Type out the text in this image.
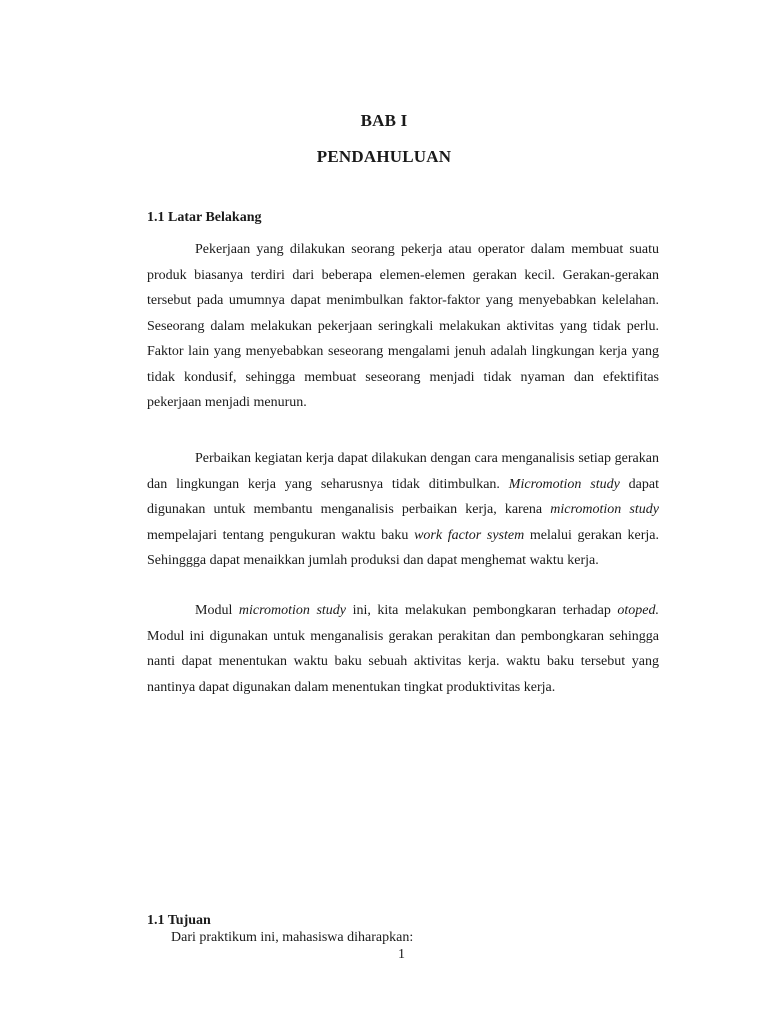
BAB I
PENDAHULUAN
1.1 Latar Belakang

Pekerjaan yang dilakukan seorang pekerja atau operator dalam membuat suatu produk biasanya terdiri dari beberapa elemen-elemen gerakan kecil. Gerakan-gerakan tersebut pada umumnya dapat menimbulkan faktor-faktor yang menyebabkan kelelahan. Seseorang dalam melakukan pekerjaan seringkali melakukan aktivitas yang tidak perlu. Faktor lain yang menyebabkan seseorang mengalami jenuh adalah lingkungan kerja yang tidak kondusif, sehingga membuat seseorang menjadi tidak nyaman dan efektifitas pekerjaan menjadi menurun.

Perbaikan kegiatan kerja dapat dilakukan dengan cara menganalisis setiap gerakan dan lingkungan kerja yang seharusnya tidak ditimbulkan. Micromotion study dapat digunakan untuk membantu menganalisis perbaikan kerja, karena micromotion study mempelajari tentang pengukuran waktu baku work factor system melalui gerakan kerja. Sehinggga dapat menaikkan jumlah produksi dan dapat menghemat waktu kerja.

Modul micromotion study ini, kita melakukan pembongkaran terhadap otoped. Modul ini digunakan untuk menganalisis gerakan perakitan dan pembongkaran sehingga nanti dapat menentukan waktu baku sebuah aktivitas kerja. waktu baku tersebut yang nantinya dapat digunakan dalam menentukan tingkat produktivitas kerja.

1.1 Tujuan
Dari praktikum ini, mahasiswa diharapkan:
1
